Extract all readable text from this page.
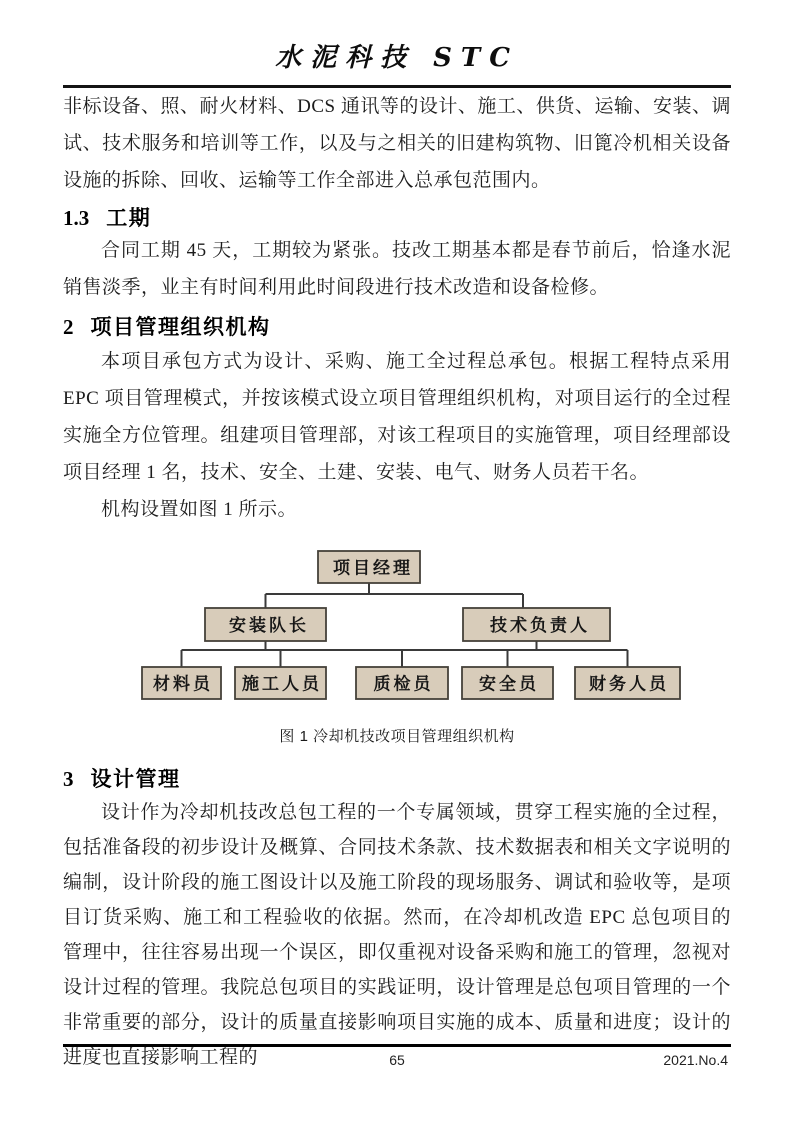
水泥科技 STC

非标设备、照、耐火材料、DCS 通讯等的设计、施工、供货、运输、安装、调试、技术服务和培训等工作，以及与之相关的旧建构筑物、旧篦冷机相关设备设施的拆除、回收、运输等工作全部进入总承包范围内。

1.3 工期

合同工期 45 天，工期较为紧张。技改工期基本都是春节前后，恰逢水泥销售淡季，业主有时间利用此时间段进行技术改造和设备检修。

2 项目管理组织机构

本项目承包方式为设计、采购、施工全过程总承包。根据工程特点采用 EPC 项目管理模式，并按该模式设立项目管理组织机构，对项目运行的全过程实施全方位管理。组建项目管理部，对该工程项目的实施管理，项目经理部设项目经理 1 名，技术、安全、土建、安装、电气、财务人员若干名。

机构设置如图 1 所示。

项目经理
安装队长	技术负责人
材料员 施工人员	质检员	安全员	财务人员
图 1 冷却机技改项目管理组织机构
3 设计管理

设计作为冷却机技改总包工程的一个专属领域，贯穿工程实施的全过程，包括准备段的初步设计及概算、合同技术条款、技术数据表和相关文字说明的编制，设计阶段的施工图设计以及施工阶段的现场服务、调试和验收等，是项目订货采购、施工和工程验收的依据。然而，在冷却机改造 EPC 总包项目的管理中，往往容易出现一个误区，即仅重视对设备采购和施工的管理，忽视对设计过程的管理。我院总包项目的实践证明，设计管理是总包项目管理的一个非常重要的部分，设计的质量直接影响项目实施的成本、质量和进度；设计的进度也直接影响工程的	65	2021.No.4
